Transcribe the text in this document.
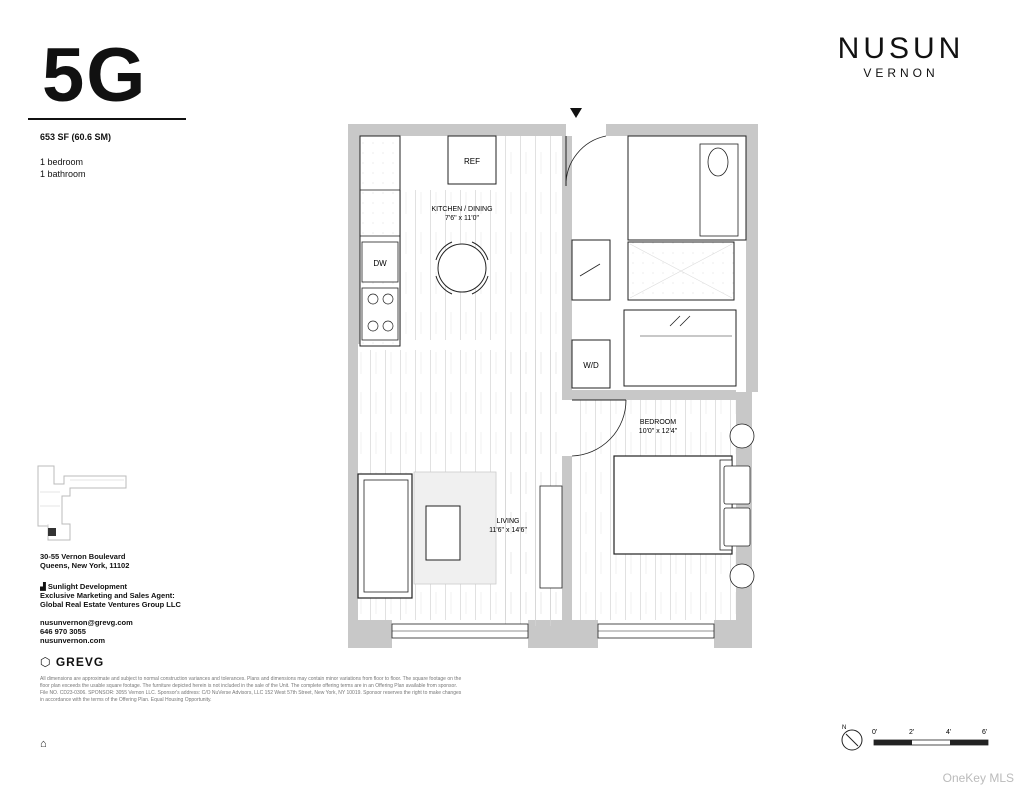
5G
653 SF (60.6 SM)
1 bedroom
1 bathroom
NUSUN
VERNON
30-55 Vernon Boulevard
Queens, New York, 11102
▟ Sunlight Development
Exclusive Marketing and Sales Agent:
Global Real Estate Ventures Group LLC
nusunvernon@grevg.com
646 970 3055
nusunvernon.com
⬡ GREVG
All dimensions are approximate and subject to normal construction variances and tolerances. Plans and dimensions may contain minor variations from floor to floor. The square footage on the floor plan exceeds the usable square footage. The furniture depicted herein is not included in the sale of the Unit. The complete offering terms are in an Offering Plan available from sponsor. File NO. CD23-0306. SPONSOR: 3055 Vernon LLC. Sponsor's address: C/O NuVerse Advisors, LLC 152 West 57th Street, New York, NY 10019. Sponsor reserves the right to make changes in accordance with the terms of the Offering Plan. Equal Housing Opportunity.
⌂
DW
REF
KITCHEN / DINING
7'6" x 11'0"
W/D
BEDROOM
10'0" x 12'4"
LIVING
11'6" x 14'6"
N
0'	2'	4'	6'
OneKey MLS
